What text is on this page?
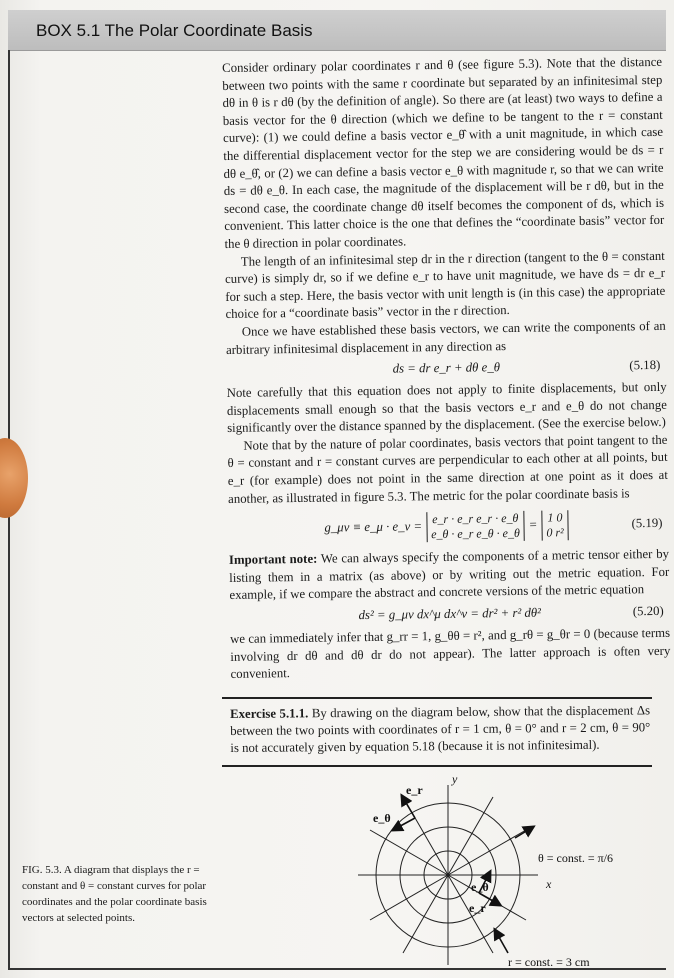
BOX 5.1 The Polar Coordinate Basis

Consider ordinary polar coordinates r and θ (see figure 5.3). Note that the distance between two points with the same r coordinate but separated by an infinitesimal step dθ in θ is r dθ (by the definition of angle). So there are (at least) two ways to define a basis vector for the θ direction (which we define to be tangent to the r = constant curve): (1) we could define a basis vector e_θ̂ with a unit magnitude, in which case the differential displacement vector for the step we are considering would be ds = r dθ e_θ̂, or (2) we can define a basis vector e_θ with magnitude r, so that we can write ds = dθ e_θ. In each case, the magnitude of the displacement will be r dθ, but in the second case, the coordinate change dθ itself becomes the component of ds, which is convenient. This latter choice is the one that defines the “coordinate basis” vector for the θ direction in polar coordinates.

The length of an infinitesimal step dr in the r direction (tangent to the θ = constant curve) is simply dr, so if we define e_r to have unit magnitude, we have ds = dr e_r for such a step. Here, the basis vector with unit length is (in this case) the appropriate choice for a “coordinate basis” vector in the r direction.

Once we have established these basis vectors, we can write the components of an arbitrary infinitesimal displacement in any direction as

ds = dr e_r + dθ e_θ	(5.18)

Note carefully that this equation does not apply to finite displacements, but only displacements small enough so that the basis vectors e_r and e_θ do not change significantly over the distance spanned by the displacement. (See the exercise below.)

Note that by the nature of polar coordinates, basis vectors that point tangent to the θ = constant and r = constant curves are perpendicular to each other at all points, but e_r (for example) does not point in the same direction at one point as it does at another, as illustrated in figure 5.3. The metric for the polar coordinate basis is

g_μν ≡ e_μ · e_ν =
e_r · e_r e_r · e_θ
e_θ · e_r e_θ · e_θ
=
1 0
0 r²
(5.19)

Important note: We can always specify the components of a metric tensor either by listing them in a matrix (as above) or by writing out the metric equation. For example, if we compare the abstract and concrete versions of the metric equation

ds² = g_μν dx^μ dx^ν = dr² + r² dθ²	(5.20)

we can immediately infer that g_rr = 1, g_θθ = r², and g_rθ = g_θr = 0 (because terms involving dr dθ and dθ dr do not appear). The latter approach is often very convenient.

Exercise 5.1.1. By drawing on the diagram below, show that the displacement Δs between the two points with coordinates of r = 1 cm, θ = 0° and r = 2 cm, θ = 90° is not accurately given by equation 5.18 (because it is not infinitesimal).
FIG. 5.3. A diagram that displays the r = constant and θ = constant curves for polar coordinates and the polar coordinate basis vectors at selected points.
y
x
e_r
e_θ
e_θ
e_r
θ = const. = π/6
r = const. = 3 cm
